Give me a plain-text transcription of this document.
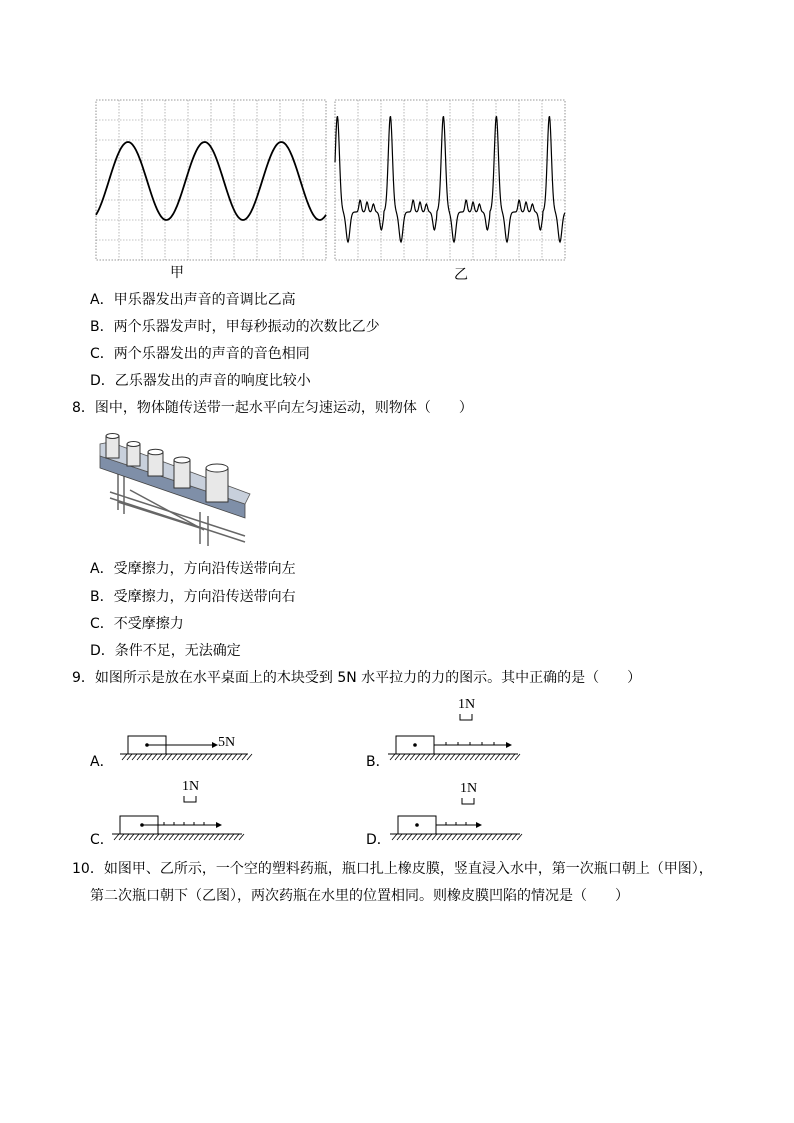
甲	乙
A．甲乐器发出声音的音调比乙高
B．两个乐器发声时，甲每秒振动的次数比乙少
C．两个乐器发出的声音的音色相同
D．乙乐器发出的声音的响度比较小
8．图中，物体随传送带一起水平向左匀速运动，则物体（　　）
A．受摩擦力，方向沿传送带向左
B．受摩擦力，方向沿传送带向右
C．不受摩擦力
D．条件不足，无法确定
9．如图所示是放在水平桌面上的木块受到 5N 水平拉力的力的图示。其中正确的是（　　）
A．
5N
B．
1N
C．
1N
D．
1N
10．如图甲、乙所示，一个空的塑料药瓶，瓶口扎上橡皮膜，竖直浸入水中，第一次瓶口朝上（甲图），
第二次瓶口朝下（乙图），两次药瓶在水里的位置相同。则橡皮膜凹陷的情况是（　　）
